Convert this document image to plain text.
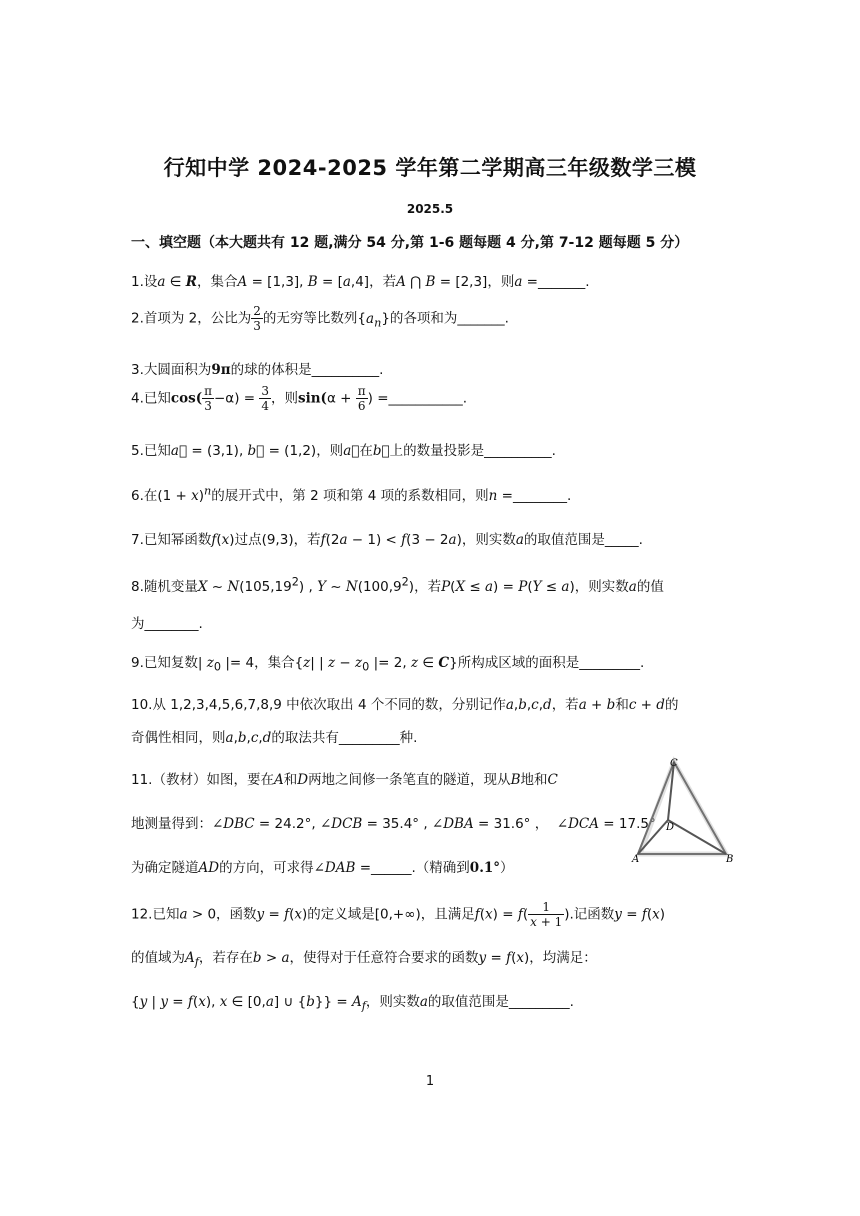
行知中学 2024-2025 学年第二学期高三年级数学三模
2025.5
一、填空题（本大题共有 12 题,满分 54 分,第 1-6 题每题 4 分,第 7-12 题每题 5 分）
1.设a ∈ R，集合A = [1,3], B = [a,4]，若A ⋂ B = [2,3]，则a =_______.
2.首项为 2，公比为 $\frac{2}{3}$ 的无穷等比数列$\{a_n\}$的各项和为_______.
3.大圆面积为9π的球的体积是__________.
4.已知$\cos( \frac{\pi}{3} -\alpha) = \frac{3}{4}$ ，则$\sin(\alpha + \frac{\pi}{6}$ ) =___________.
5.已知a⃗ = (3,1), b⃗ = (1,2)，则a⃗在b⃗上的数量投影是__________.
6.在$(1 + x)^n$的展开式中，第 2 项和第 4 项的系数相同，则n =________.
7.已知幂函数f(x)过点(9,3)，若f(2a − 1) < f(3 − 2a)，则实数a的取值范围是_____.
8.随机变量X ~ N(105,19$^2$) , Y ~ N(100,9$^2$)，若P(X ≤ a) = P(Y ≤ a)，则实数a的值
为________.
9.已知复数| $z_0$ |= 4，集合{z| | $z - z_0$ |= 2, z ∈ C}所构成区域的面积是_________.
10.从 1,2,3,4,5,6,7,8,9 中依次取出 4 个不同的数，分别记作a,b,c,d，若a + b和c + d的
奇偶性相同，则a,b,c,d的取法共有_________种.
11.（教材）如图，要在A和D两地之间修一条笔直的隧道，现从B地和C
地测量得到：∠DBC = 24.2°, ∠DCB = 35.4° , ∠DBA = 31.6° ，  ∠DCA = 17.5°
为确定隧道AD的方向，可求得∠DAB =______.（精确到0.1°）
12.已知a > 0，函数y = f(x)的定义域是[0,+∞)，且满足$f(x) = f( \frac{1}{x + 1}$ ).记函数y = f(x)
的值域为$A_f$，若存在b > a，使得对于任意符合要求的函数y = f(x)，均满足：
{y | y = f(x), x ∈ [0,a] ∪ $\{b\}\} = A_f$，则实数a的取值范围是_________.
C
D
A	B
1
